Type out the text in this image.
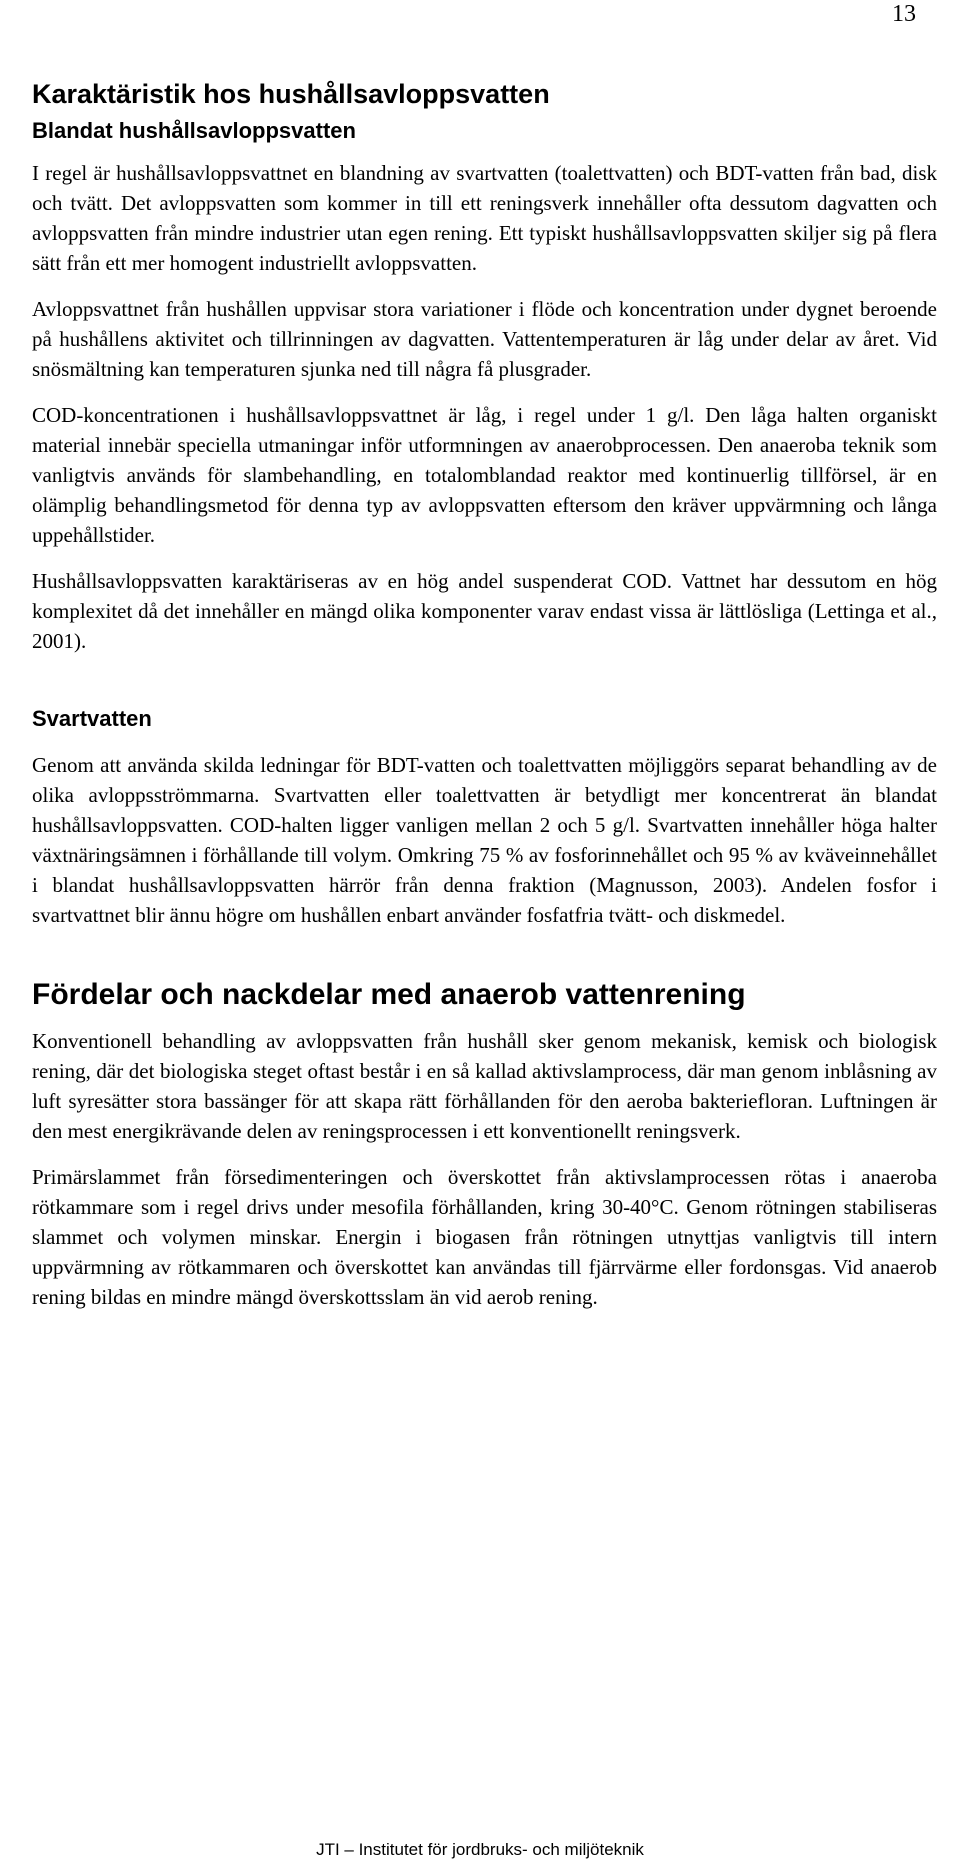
13
Karaktäristik hos hushållsavloppsvatten
Blandat hushållsavloppsvatten

I regel är hushållsavloppsvattnet en blandning av svartvatten (toalettvatten) och BDT-vatten från bad, disk och tvätt. Det avloppsvatten som kommer in till ett reningsverk innehåller ofta dessutom dagvatten och avloppsvatten från mindre industrier utan egen rening. Ett typiskt hushållsavloppsvatten skiljer sig på flera sätt från ett mer homogent industriellt avloppsvatten.

Avloppsvattnet från hushållen uppvisar stora variationer i flöde och koncentration under dygnet beroende på hushållens aktivitet och tillrinningen av dagvatten. Vattentemperaturen är låg under delar av året. Vid snösmältning kan temperaturen sjunka ned till några få plusgrader.

COD-koncentrationen i hushållsavloppsvattnet är låg, i regel under 1 g/l. Den låga halten organiskt material innebär speciella utmaningar inför utformningen av anaerobprocessen. Den anaeroba teknik som vanligtvis används för slambehandling, en totalomblandad reaktor med kontinuerlig tillförsel, är en olämplig behandlingsmetod för denna typ av avloppsvatten eftersom den kräver uppvärmning och långa uppehållstider.

Hushållsavloppsvatten karaktäriseras av en hög andel suspenderat COD. Vattnet har dessutom en hög komplexitet då det innehåller en mängd olika komponenter varav endast vissa är lättlösliga (Lettinga et al., 2001).

Svartvatten

Genom att använda skilda ledningar för BDT-vatten och toalettvatten möjliggörs separat behandling av de olika avloppsströmmarna. Svartvatten eller toalettvatten är betydligt mer koncentrerat än blandat hushållsavloppsvatten. COD-halten ligger vanligen mellan 2 och 5 g/l. Svartvatten innehåller höga halter växtnäringsämnen i förhållande till volym. Omkring 75 % av fosforinnehållet och 95 % av kväveinnehållet i blandat hushållsavloppsvatten härrör från denna fraktion (Magnusson, 2003). Andelen fosfor i svartvattnet blir ännu högre om hushållen enbart använder fosfatfria tvätt- och diskmedel.

Fördelar och nackdelar med anaerob vattenrening

Konventionell behandling av avloppsvatten från hushåll sker genom mekanisk, kemisk och biologisk rening, där det biologiska steget oftast består i en så kallad aktivslamprocess, där man genom inblåsning av luft syresätter stora bassänger för att skapa rätt förhållanden för den aeroba bakteriefloran. Luftningen är den mest energikrävande delen av reningsprocessen i ett konventionellt reningsverk.

Primärslammet från försedimenteringen och överskottet från aktivslamprocessen rötas i anaeroba rötkammare som i regel drivs under mesofila förhållanden, kring 30-40°C. Genom rötningen stabiliseras slammet och volymen minskar. Energin i biogasen från rötningen utnyttjas vanligtvis till intern uppvärmning av rötkammaren och överskottet kan användas till fjärrvärme eller fordonsgas. Vid anaerob rening bildas en mindre mängd överskottsslam än vid aerob rening.

JTI – Institutet för jordbruks- och miljöteknik
